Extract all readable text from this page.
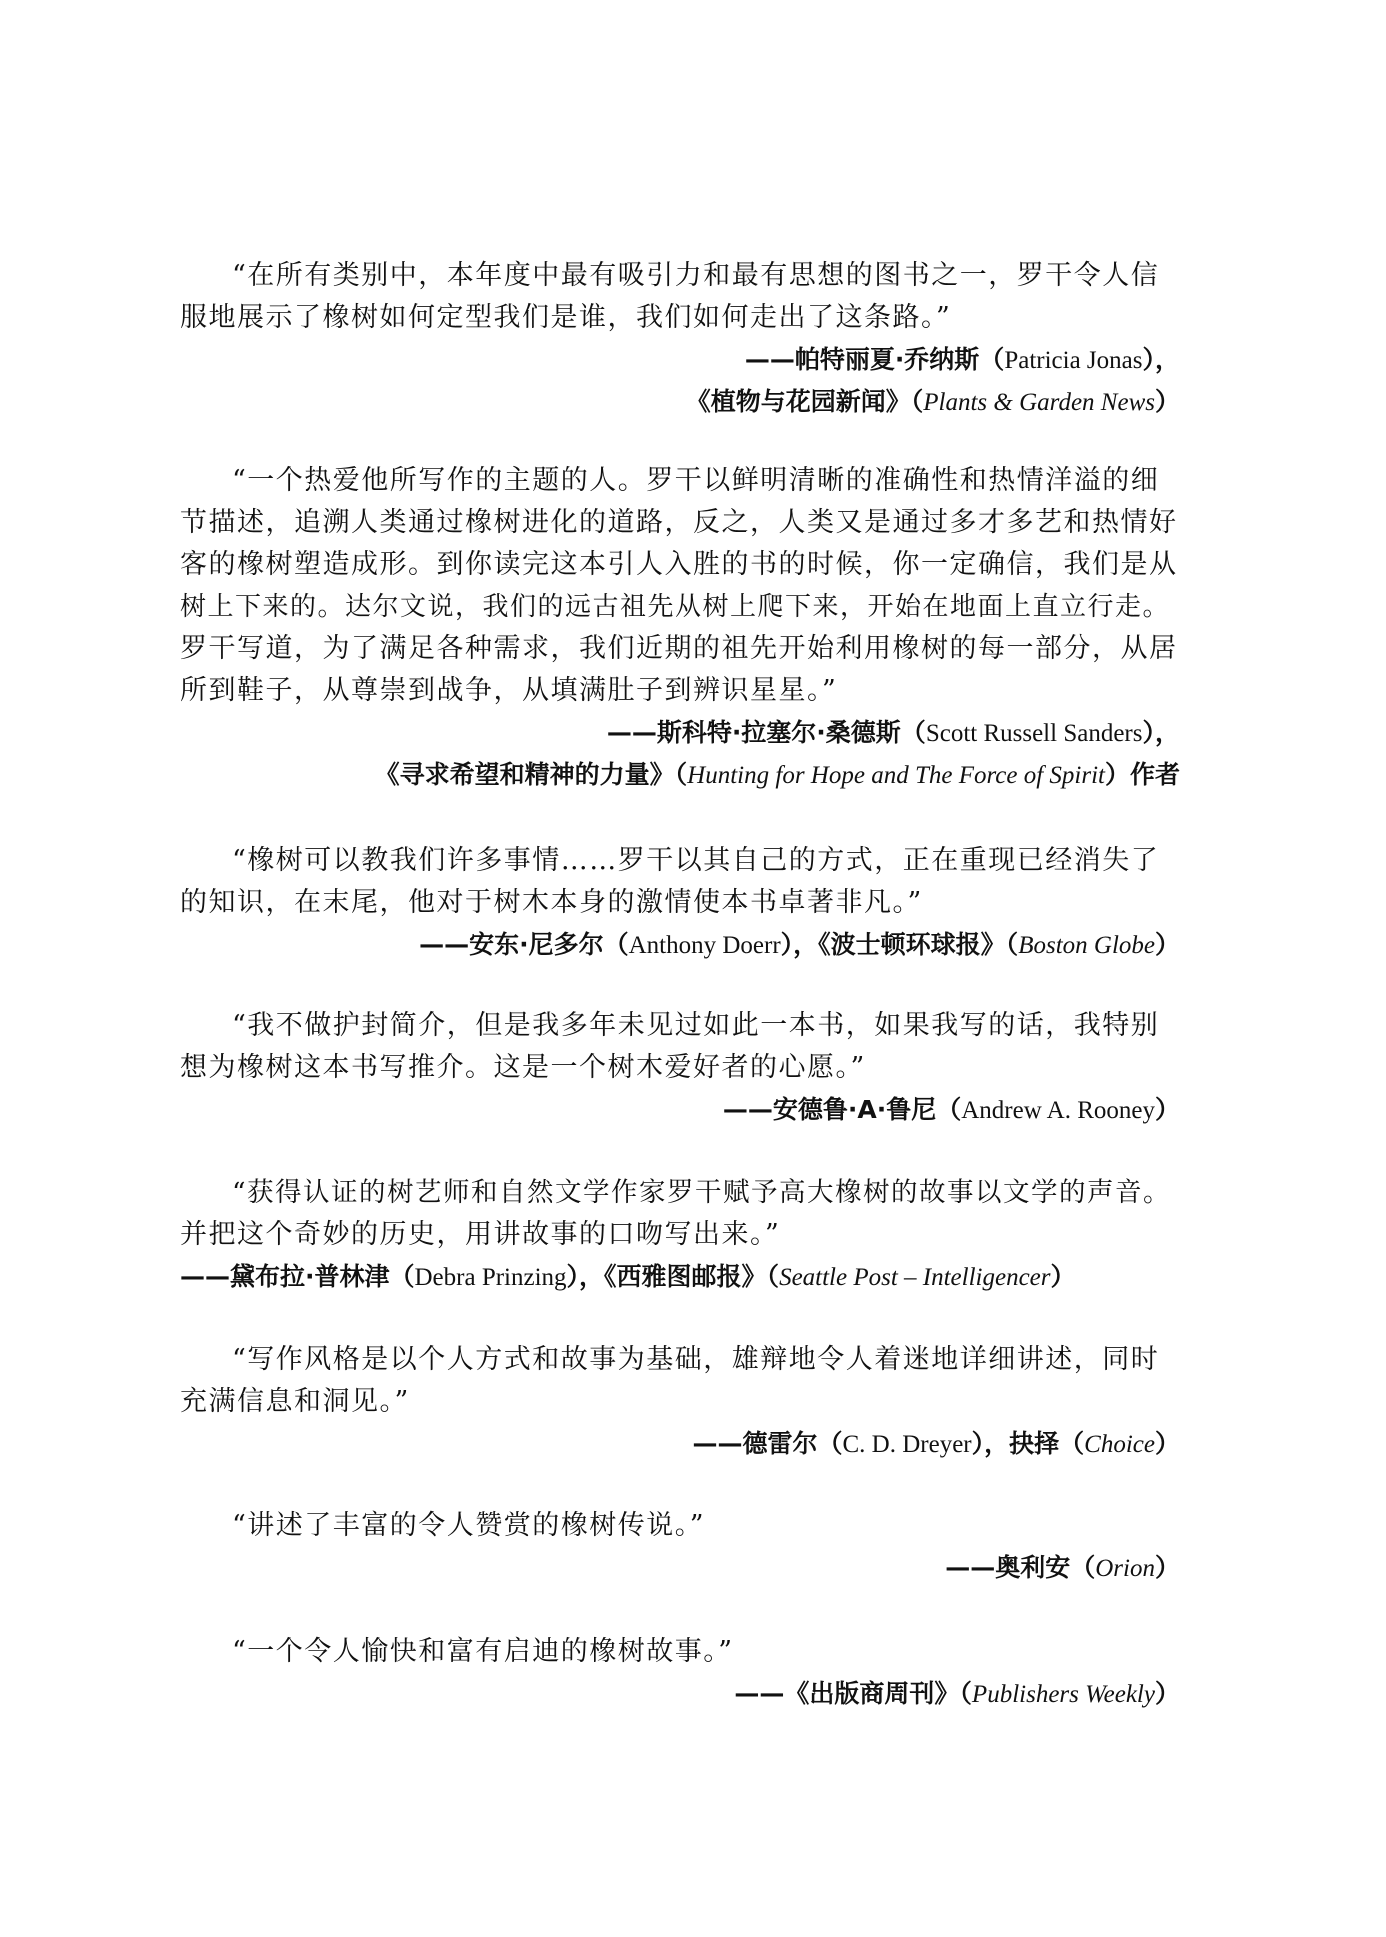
“在所有类别中，本年度中最有吸引力和最有思想的图书之一，罗干令人信
服地展示了橡树如何定型我们是谁，我们如何走出了这条路。”
——帕特丽夏·乔纳斯（Patricia Jonas），
《植物与花园新闻》（Plants & Garden News）
“一个热爱他所写作的主题的人。罗干以鲜明清晰的准确性和热情洋溢的细
节描述，追溯人类通过橡树进化的道路，反之，人类又是通过多才多艺和热情好
客的橡树塑造成形。到你读完这本引人入胜的书的时候，你一定确信，我们是从
树上下来的。达尔文说，我们的远古祖先从树上爬下来，开始在地面上直立行走。
罗干写道，为了满足各种需求，我们近期的祖先开始利用橡树的每一部分，从居
所到鞋子，从尊崇到战争，从填满肚子到辨识星星。”
——斯科特·拉塞尔·桑德斯（Scott Russell Sanders），
《寻求希望和精神的力量》（Hunting for Hope and The Force of Spirit）作者
“橡树可以教我们许多事情……罗干以其自己的方式，正在重现已经消失了
的知识，在末尾，他对于树木本身的激情使本书卓著非凡。”
——安东·尼多尔（Anthony Doerr），《波士顿环球报》（Boston Globe）
“我不做护封简介，但是我多年未见过如此一本书，如果我写的话，我特别
想为橡树这本书写推介。这是一个树木爱好者的心愿。”
——安德鲁·A·鲁尼（Andrew A. Rooney）
“获得认证的树艺师和自然文学作家罗干赋予高大橡树的故事以文学的声音。
并把这个奇妙的历史，用讲故事的口吻写出来。”
——黛布拉·普林津（Debra Prinzing），《西雅图邮报》（Seattle Post – Intelligencer）
“写作风格是以个人方式和故事为基础，雄辩地令人着迷地详细讲述，同时
充满信息和洞见。”
——德雷尔（C. D. Dreyer），抉择（Choice）
“讲述了丰富的令人赞赏的橡树传说。”
——奥利安（Orion）
“一个令人愉快和富有启迪的橡树故事。”
——《出版商周刊》（Publishers Weekly）
